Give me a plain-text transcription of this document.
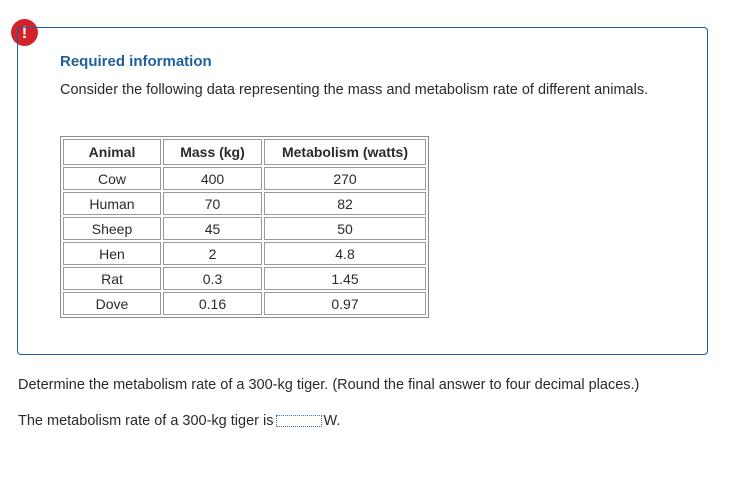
!
Required information
Consider the following data representing the mass and metabolism rate of different animals.
Animal	Mass (kg)	Metabolism (watts)
Cow	400	270
Human	70	82
Sheep	45	50
Hen	2	4.8
Rat	0.3	1.45
Dove	0.16	0.97
Determine the metabolism rate of a 300-kg tiger. (Round the final answer to four decimal places.)
The metabolism rate of a 300-kg tiger is	W.
